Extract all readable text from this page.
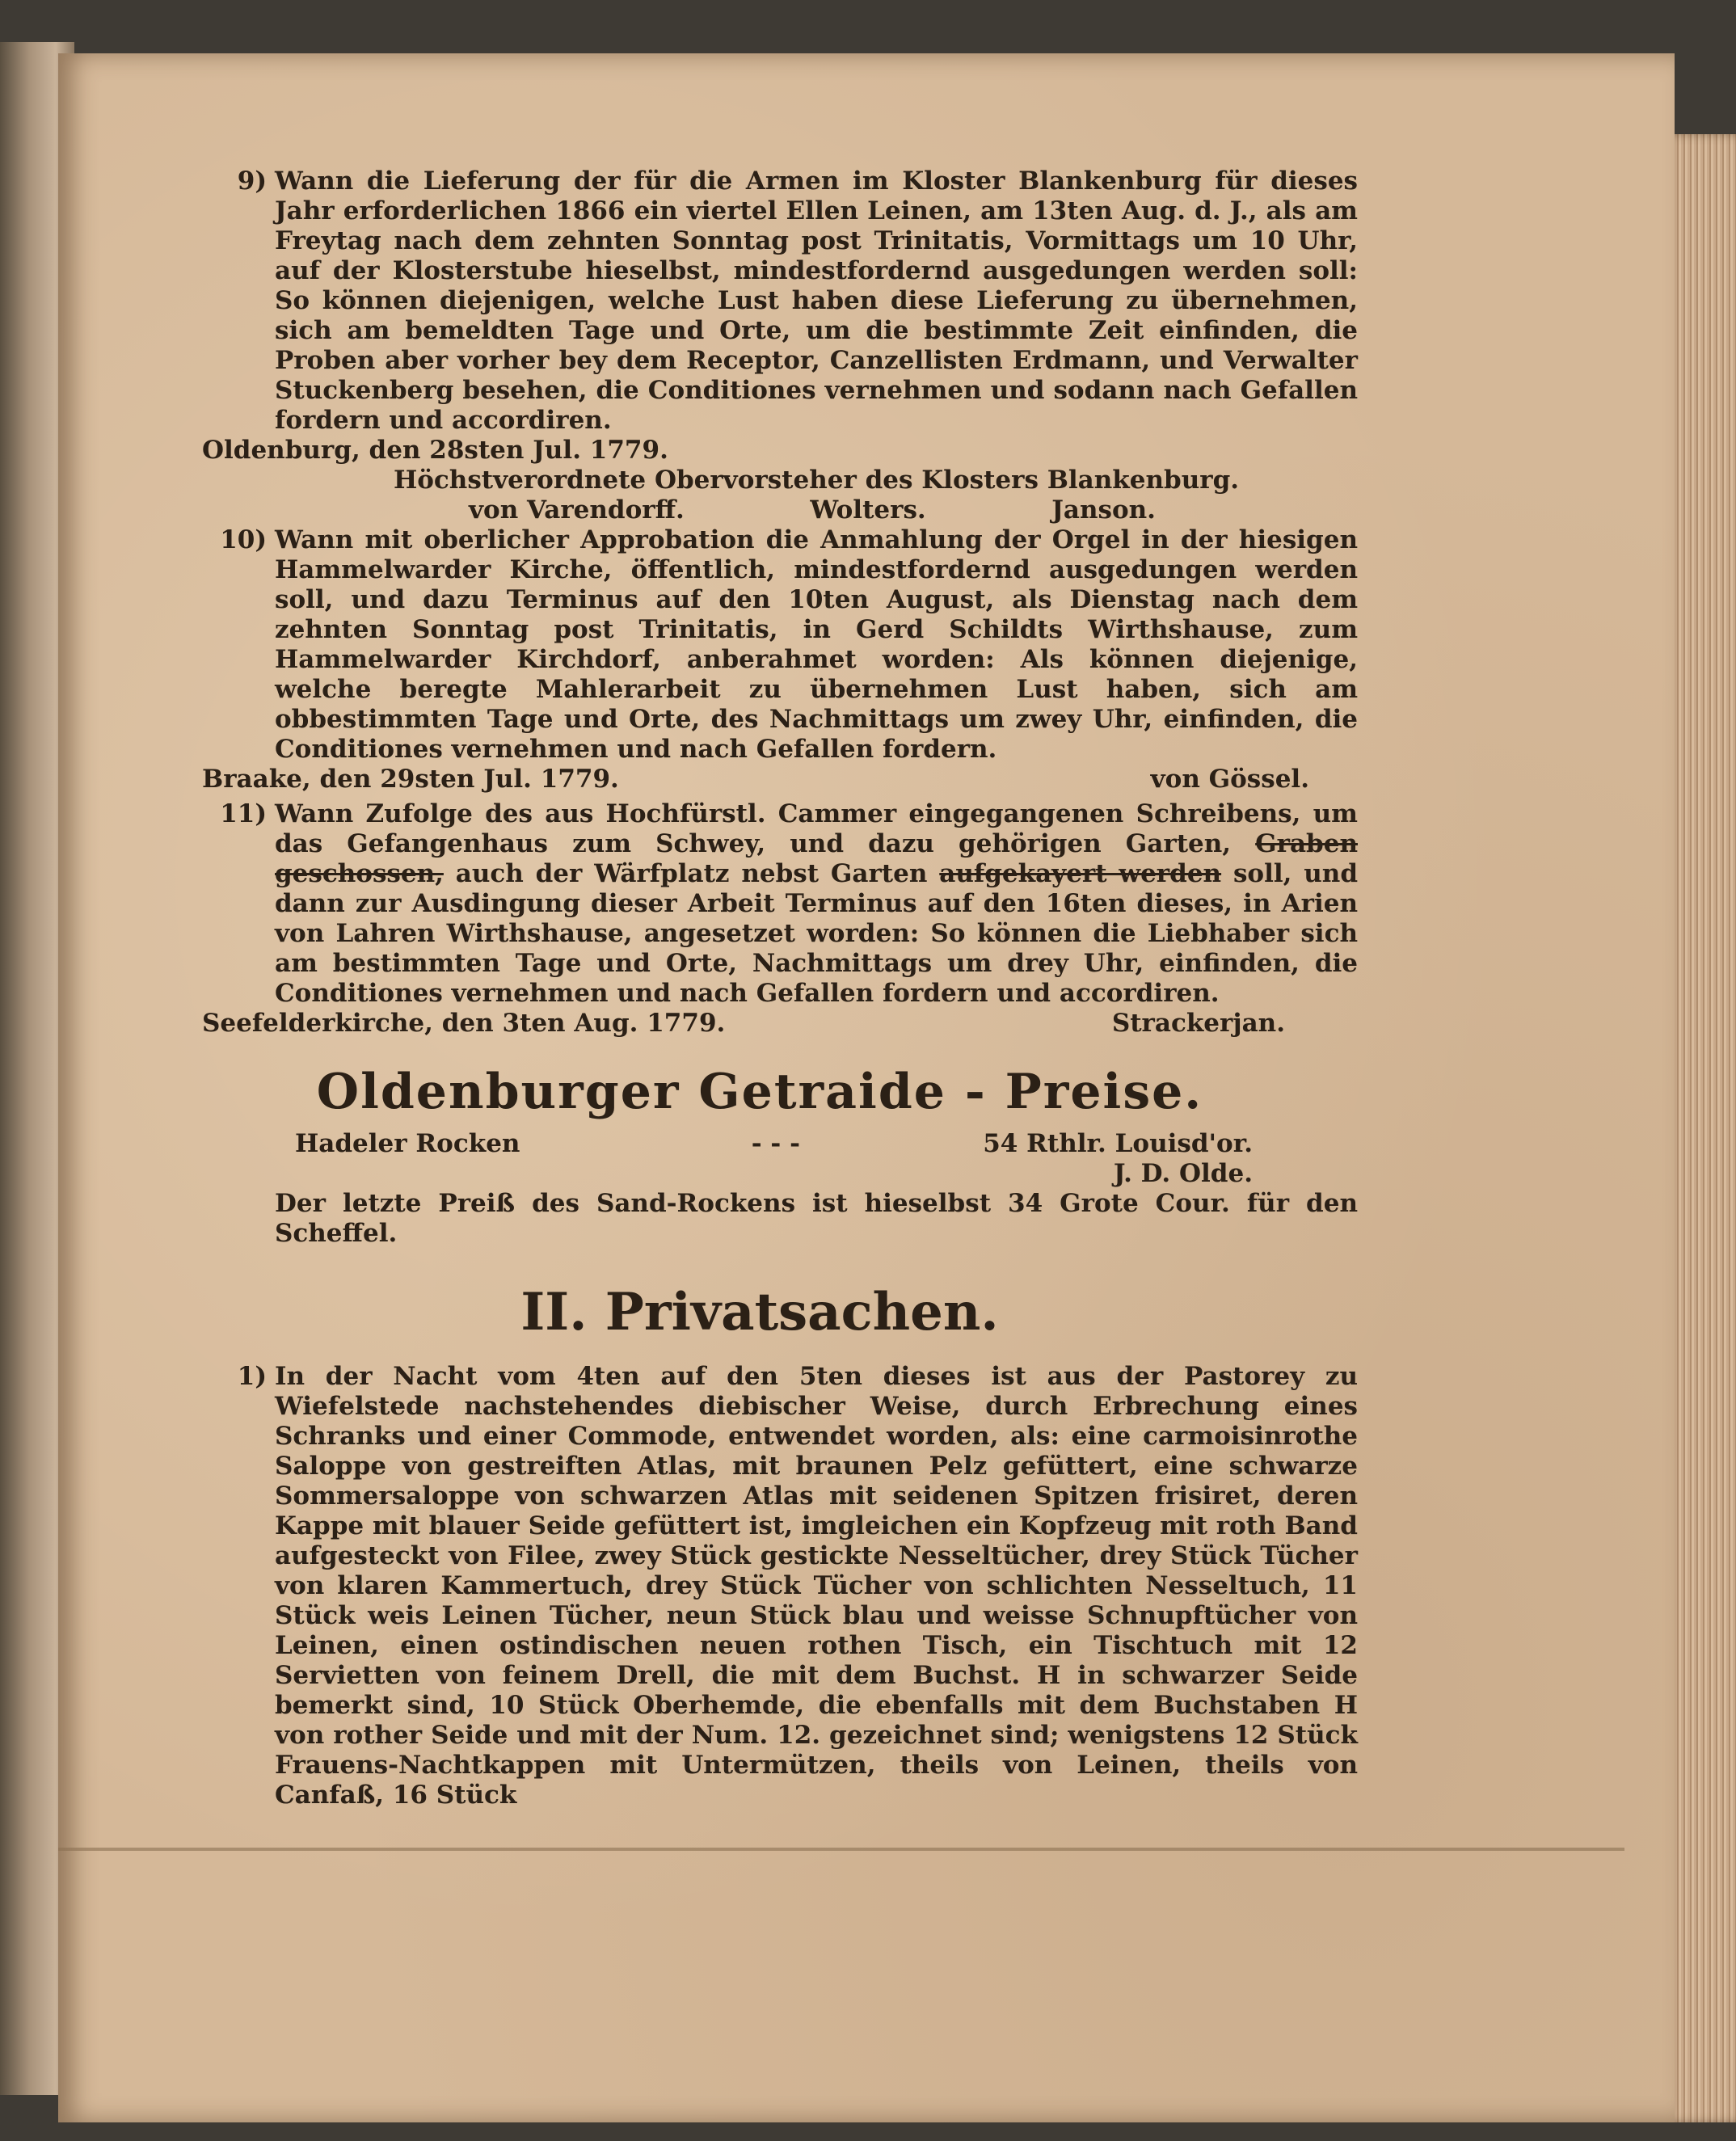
9) Wann die Lieferung der für die Armen im Kloster Blankenburg für dieses Jahr erforderlichen 1866 ein viertel Ellen Leinen, am 13ten Aug. d. J., als am Freytag nach dem zehnten Sonntag post Trinitatis, Vormittags um 10 Uhr, auf der Klosterstube hieselbst, mindestfordernd ausgedungen werden soll: So können diejenigen, welche Lust haben diese Lieferung zu übernehmen, sich am bemeldten Tage und Orte, um die bestimmte Zeit einfinden, die Proben aber vorher bey dem Receptor, Canzellisten Erdmann, und Verwalter Stuckenberg besehen, die Conditiones vernehmen und sodann nach Gefallen fordern und accordiren.
Oldenburg, den 28sten Jul. 1779.
Höchstverordnete Obervorsteher des Klosters Blankenburg.
von Varendorff.	Wolters.	Janson.
10) Wann mit oberlicher Approbation die Anmahlung der Orgel in der hiesigen Hammelwarder Kirche, öffentlich, mindestfordernd ausgedungen werden soll, und dazu Terminus auf den 10ten August, als Dienstag nach dem zehnten Sonntag post Trinitatis, in Gerd Schildts Wirthshause, zum Hammelwarder Kirchdorf, anberahmet worden: Als können diejenige, welche beregte Mahlerarbeit zu übernehmen Lust haben, sich am obbestimmten Tage und Orte, des Nachmittags um zwey Uhr, einfinden, die Conditiones vernehmen und nach Gefallen fordern.
Braake, den 29sten Jul. 1779.	von Gössel.
11) Wann Zufolge des aus Hochfürstl. Cammer eingegangenen Schreibens, um das Gefangenhaus zum Schwey, und dazu gehörigen Garten, Graben geschossen, auch der Wärfplatz nebst Garten aufgekayert werden soll, und dann zur Ausdingung dieser Arbeit Terminus auf den 16ten dieses, in Arien von Lahren Wirthshause, angesetzet worden: So können die Liebhaber sich am bestimmten Tage und Orte, Nachmittags um drey Uhr, einfinden, die Conditiones vernehmen und nach Gefallen fordern und accordiren.
Seefelderkirche, den 3ten Aug. 1779.	Strackerjan.
Oldenburger Getraide - Preise.
Hadeler Rocken	- - -	54 Rthlr. Louisd'or.
J. D. Olde.
Der letzte Preiß des Sand-Rockens ist hieselbst 34 Grote Cour. für den Scheffel.
II. Privatsachen.
1) In der Nacht vom 4ten auf den 5ten dieses ist aus der Pastorey zu Wiefelstede nachstehendes diebischer Weise, durch Erbrechung eines Schranks und einer Commode, entwendet worden, als: eine carmoisinrothe Saloppe von gestreiften Atlas, mit braunen Pelz gefüttert, eine schwarze Sommersaloppe von schwarzen Atlas mit seidenen Spitzen frisiret, deren Kappe mit blauer Seide gefüttert ist, imgleichen ein Kopfzeug mit roth Band aufgesteckt von Filee, zwey Stück gestickte Nesseltücher, drey Stück Tücher von klaren Kammertuch, drey Stück Tücher von schlichten Nesseltuch, 11 Stück weis Leinen Tücher, neun Stück blau und weisse Schnupftücher von Leinen, einen ostindischen neuen rothen Tisch, ein Tischtuch mit 12 Servietten von feinem Drell, die mit dem Buchst. H in schwarzer Seide bemerkt sind, 10 Stück Oberhemde, die ebenfalls mit dem Buchstaben H von rother Seide und mit der Num. 12. gezeichnet sind; wenigstens 12 Stück Frauens-Nachtkappen mit Untermützen, theils von Leinen, theils von Canfaß, 16 Stück
